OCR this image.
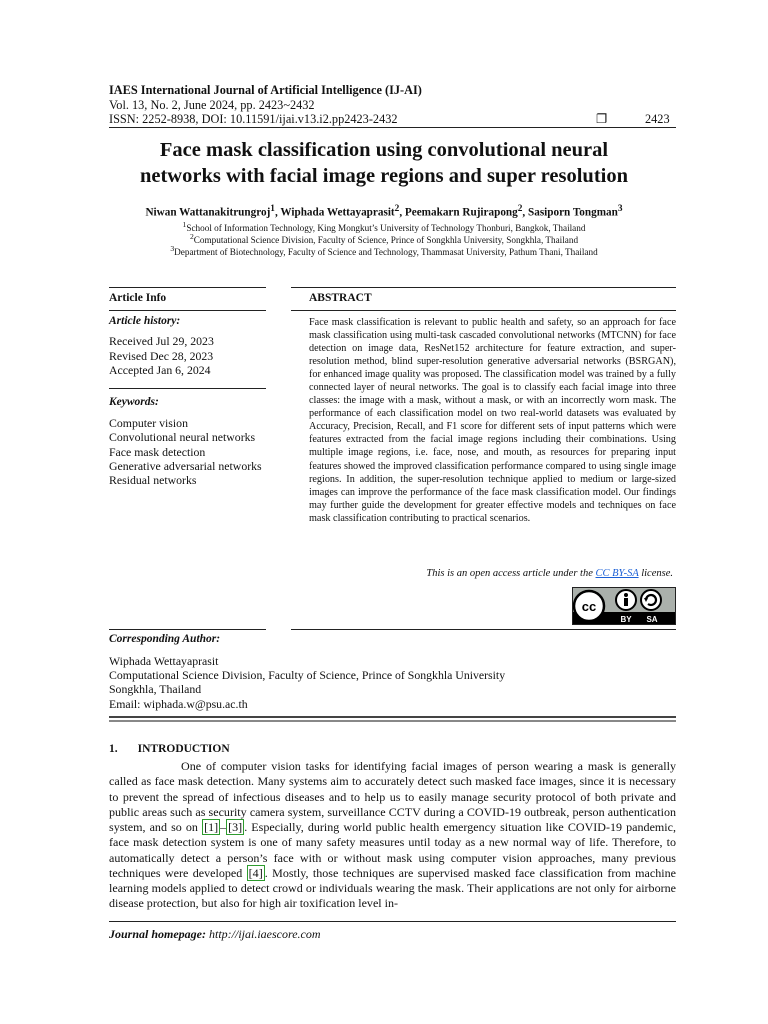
IAES International Journal of Artificial Intelligence (IJ-AI)
Vol. 13, No. 2, June 2024, pp. 2423~2432
ISSN: 2252-8938, DOI: 10.11591/ijai.v13.i2.pp2423-2432	❐	2423
Face mask classification using convolutional neural
networks with facial image regions and super resolution
Niwan Wattanakitrungroj$^1$, Wiphada Wettayaprasit$^2$, Peemakarn Rujirapong$^2$, Sasiporn Tongman$^3$
$^1$School of Information Technology, King Mongkut’s University of Technology Thonburi, Bangkok, Thailand
$^2$Computational Science Division, Faculty of Science, Prince of Songkhla University, Songkhla, Thailand
$^3$Department of Biotechnology, Faculty of Science and Technology, Thammasat University, Pathum Thani, Thailand
Article Info
Article history:
Received Jul 29, 2023
Revised Dec 28, 2023
Accepted Jan 6, 2024
Keywords:
Computer vision
Convolutional neural networks
Face mask detection
Generative adversarial networks
Residual networks
ABSTRACT
Face mask classification is relevant to public health and safety, so an approach for face mask classification using multi-task cascaded convolutional networks (MTCNN) for face detection on image data, ResNet152 architecture for feature extraction, and super-resolution method, blind super-resolution generative adversarial networks (BSRGAN), for enhanced image quality was proposed. The classification model was trained by a fully connected layer of neural networks. The goal is to classify each facial image into three classes: the image with a mask, without a mask, or with an incorrectly worn mask. The performance of each classification model on two real-world datasets was evaluated by Accuracy, Precision, Recall, and F1 score for different sets of input patterns which were features extracted from the facial image regions including their combinations. Using multiple image regions, i.e. face, nose, and mouth, as resources for preparing input features showed the improved classification performance compared to using single image regions. In addition, the super-resolution technique applied to medium or large-sized images can improve the performance of the face mask classification model. Our findings may further guide the development for greater effective models and techniques on face mask classification contributing to practical scenarios.
This is an open access article under the CC BY-SA license.
cc
BY SA
Corresponding Author:
Wiphada Wettayaprasit
Computational Science Division, Faculty of Science, Prince of Songkhla University
Songkhla, Thailand
Email: wiphada.w@psu.ac.th
1. INTRODUCTION
One of computer vision tasks for identifying facial images of person wearing a mask is generally called as face mask detection. Many systems aim to accurately detect such masked face images, since it is necessary to prevent the spread of infectious diseases and to help us to easily manage security protocol of both private and public areas such as security camera system, surveillance CCTV during a COVID-19 outbreak, person authentication system, and so on [1] – [3] . Especially, during world public health emergency situation like COVID-19 pandemic, face mask detection system is one of many safety measures until today as a new normal way of life. Therefore, to automatically detect a person’s face with or without mask using computer vision approaches, many previous techniques were developed [4] . Mostly, those techniques are supervised masked face classification from machine learning models applied to detect crowd or individuals wearing the mask. Their applications are not only for airborne disease protection, but also for high air toxification level in-
Journal homepage: http://ijai.iaescore.com
